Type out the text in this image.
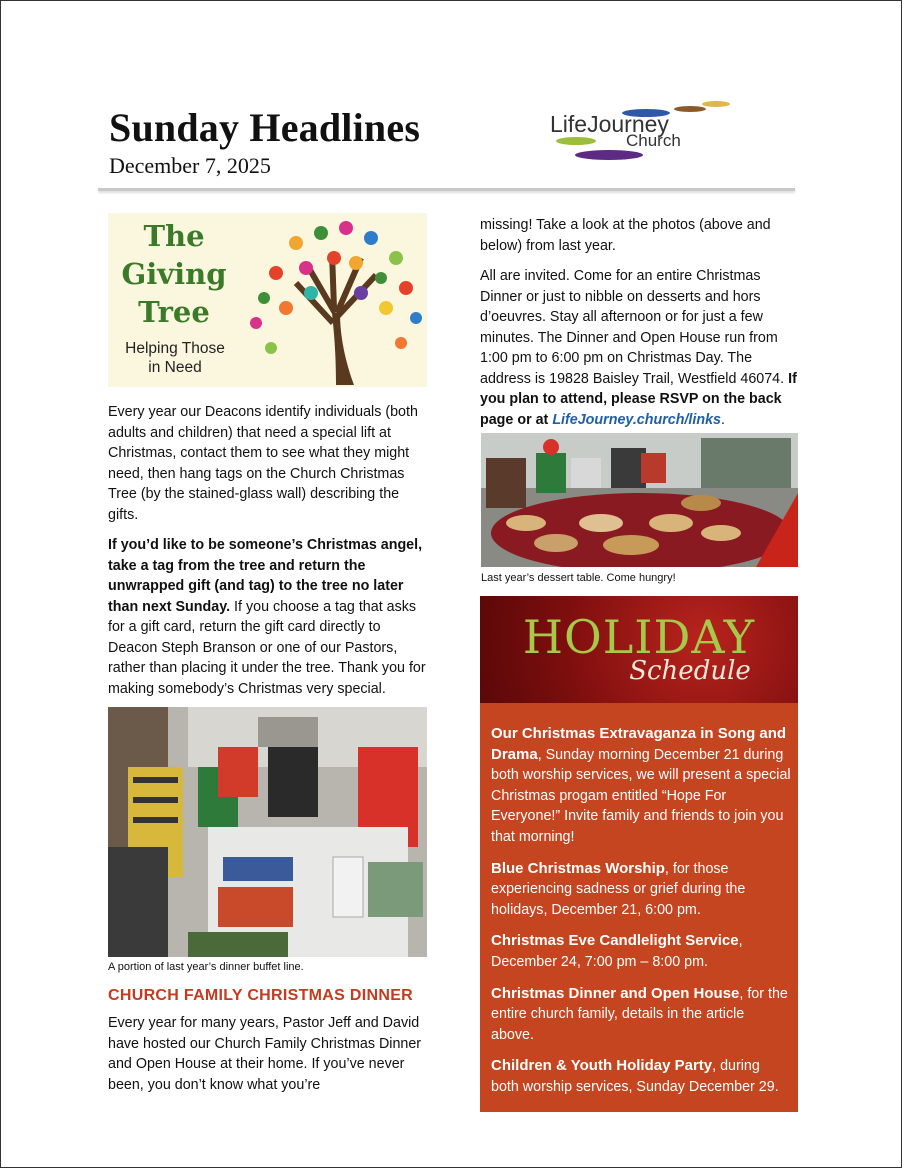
Sunday Headlines
December 7, 2025
LifeJourney
Church
The
Giving
Tree
Helping Those
in Need

Every year our Deacons identify individuals (both adults and children) that need a special lift at Christmas, contact them to see what they might need, then hang tags on the Church Christmas Tree (by the stained-glass wall) describing the gifts.

If you’d like to be someone’s Christmas angel, take a tag from the tree and return the unwrapped gift (and tag) to the tree no later than next Sunday. If you choose a tag that asks for a gift card, return the gift card directly to Deacon Steph Branson or one of our Pastors, rather than placing it under the tree. Thank you for making somebody’s Christmas very special.

A portion of last year’s dinner buffet line.
CHURCH FAMILY CHRISTMAS DINNER

Every year for many years, Pastor Jeff and David have hosted our Church Family Christmas Dinner and Open House at their home. If you’ve never been, you don’t know what you’re

missing! Take a look at the photos (above and below) from last year.

All are invited. Come for an entire Christmas Dinner or just to nibble on desserts and hors d’oeuvres. Stay all afternoon or for just a few minutes. The Dinner and Open House run from 1:00 pm to 6:00 pm on Christmas Day. The address is 19828 Baisley Trail, Westfield 46074. If you plan to attend, please RSVP on the back page or at LifeJourney.church/links.

Last year’s dessert table. Come hungry!
HOLIDAY
Schedule

Our Christmas Extravaganza in Song and Drama, Sunday morning December 21 during both worship services, we will present a special Christmas progam entitled “Hope For Everyone!” Invite family and friends to join you that morning!

Blue Christmas Worship, for those experiencing sadness or grief during the holidays, December 21, 6:00 pm.

Christmas Eve Candlelight Service, December 24, 7:00 pm – 8:00 pm.

Christmas Dinner and Open House, for the entire church family, details in the article above.

Children & Youth Holiday Party, during both worship services, Sunday December 29.
